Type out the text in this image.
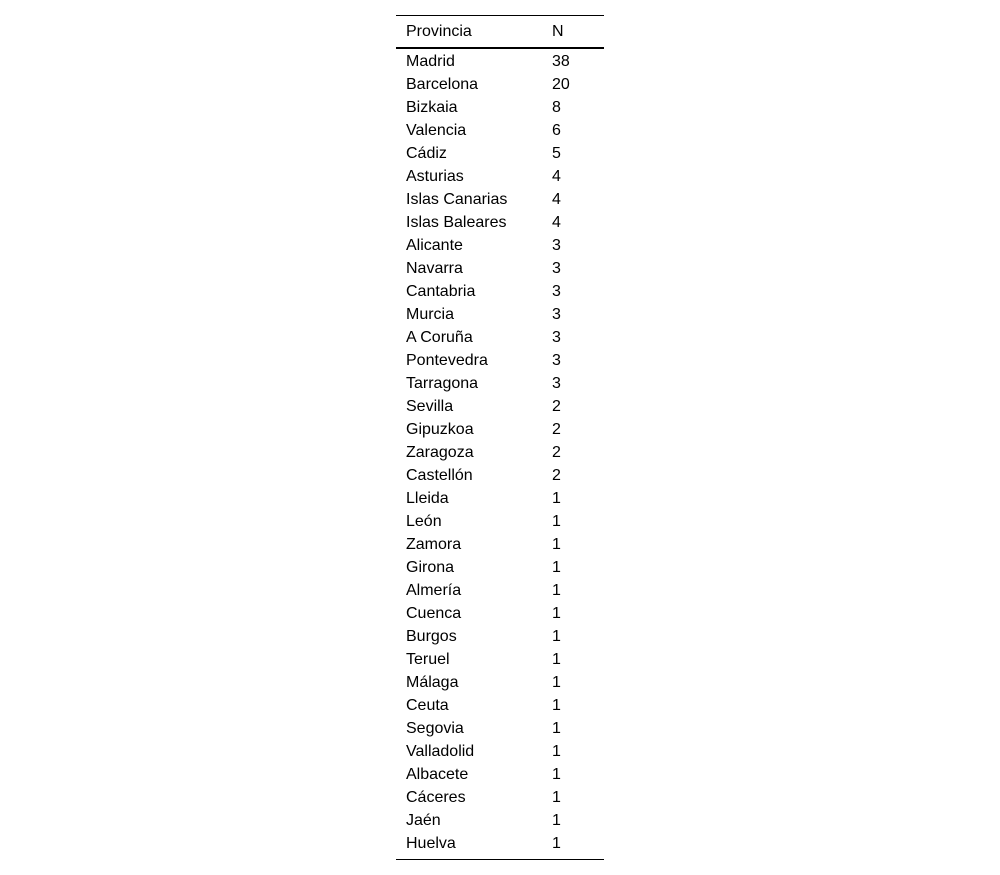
Provincia	N
Madrid	38
Barcelona	20
Bizkaia	8
Valencia	6
Cádiz	5
Asturias	4
Islas Canarias	4
Islas Baleares	4
Alicante	3
Navarra	3
Cantabria	3
Murcia	3
A Coruña	3
Pontevedra	3
Tarragona	3
Sevilla	2
Gipuzkoa	2
Zaragoza	2
Castellón	2
Lleida	1
León	1
Zamora	1
Girona	1
Almería	1
Cuenca	1
Burgos	1
Teruel	1
Málaga	1
Ceuta	1
Segovia	1
Valladolid	1
Albacete	1
Cáceres	1
Jaén	1
Huelva	1
